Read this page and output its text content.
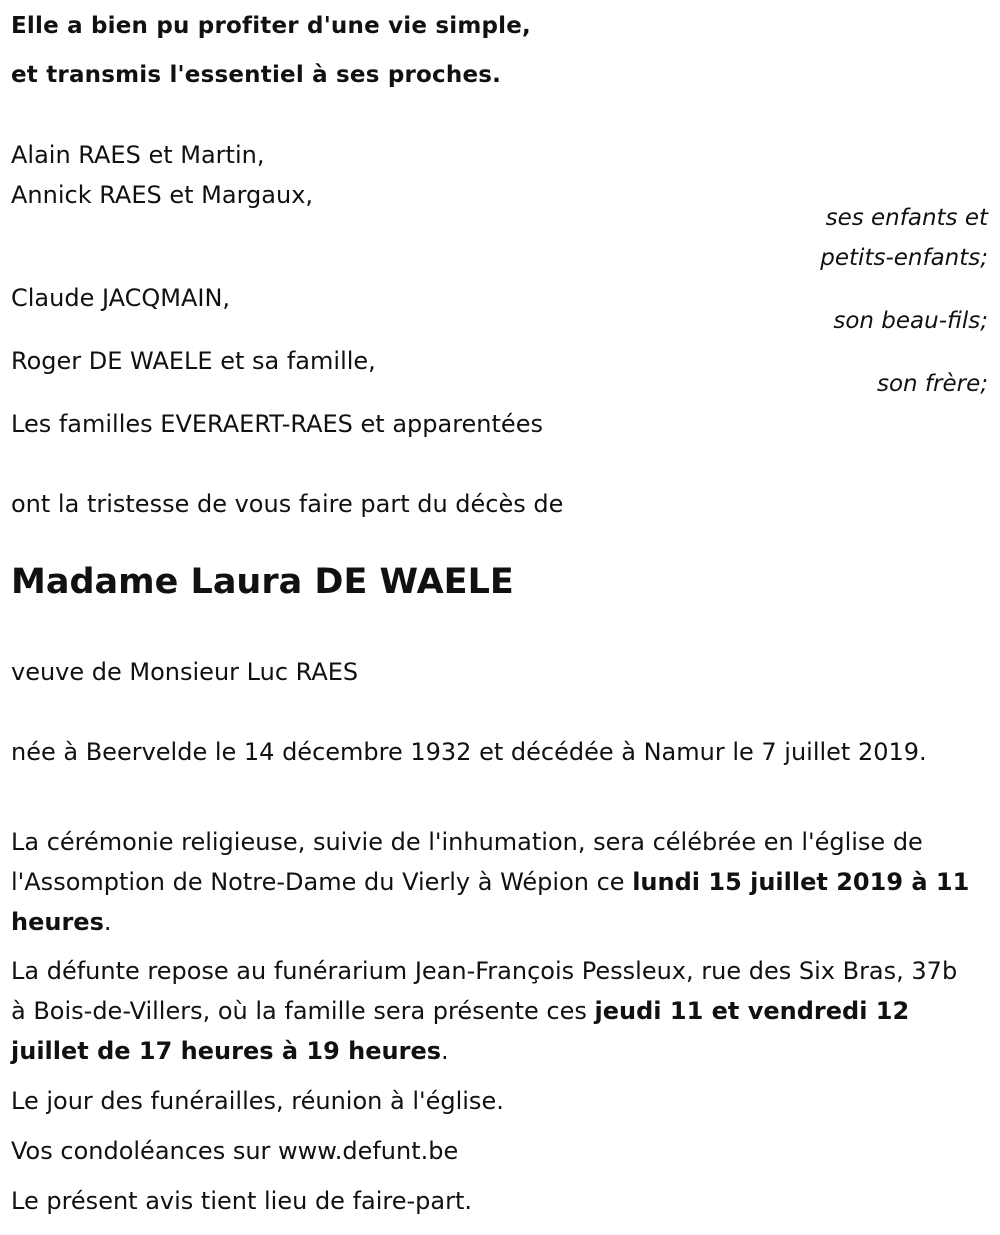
Elle a bien pu profiter d'une vie simple,
et transmis l'essentiel à ses proches.
Alain RAES et Martin,
Annick RAES et Margaux,
ses enfants et
petits-enfants;
Claude JACQMAIN,
son beau-fils;
Roger DE WAELE et sa famille,
son frère;
Les familles EVERAERT-RAES et apparentées
ont la tristesse de vous faire part du décès de
Madame Laura DE WAELE
veuve de Monsieur Luc RAES
née à Beervelde le 14 décembre 1932 et décédée à Namur le 7 juillet 2019.
La cérémonie religieuse, suivie de l'inhumation, sera célébrée en l'église de l'Assomption de Notre-Dame du Vierly à Wépion ce lundi 15 juillet 2019 à 11 heures.
La défunte repose au funérarium Jean-François Pessleux, rue des Six Bras, 37b à Bois-de-Villers, où la famille sera présente ces jeudi 11 et vendredi 12 juillet de 17 heures à 19 heures.
Le jour des funérailles, réunion à l'église.
Vos condoléances sur www.defunt.be
Le présent avis tient lieu de faire-part.
